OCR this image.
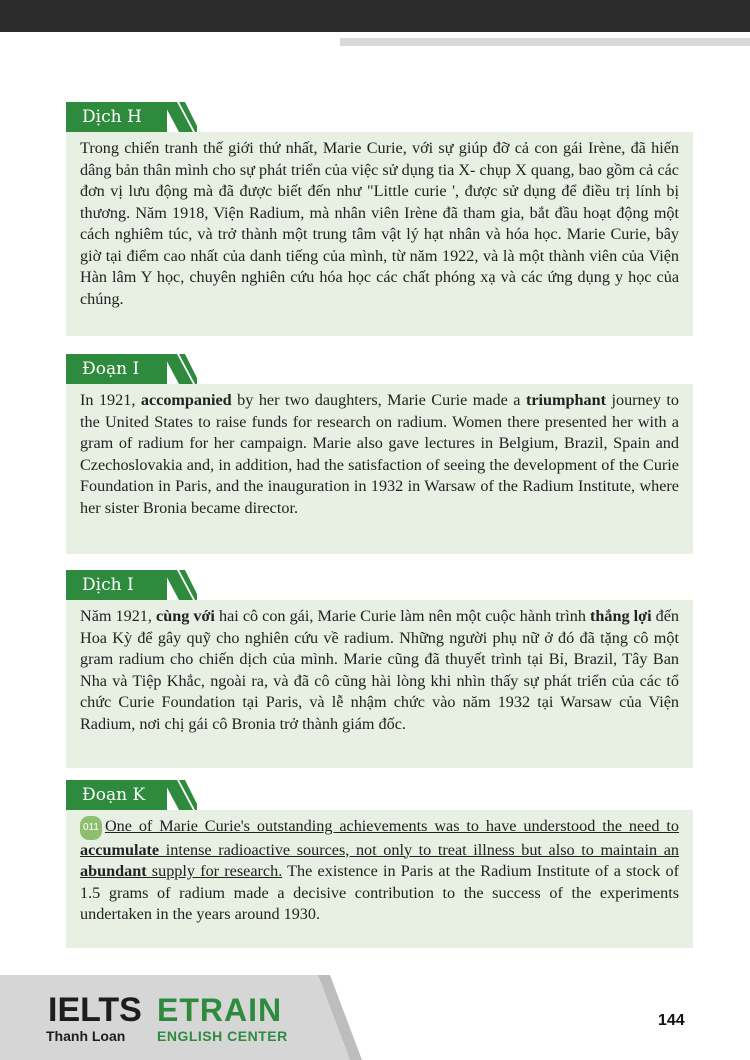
Dịch H

Trong chiến tranh thế giới thứ nhất, Marie Curie, với sự giúp đỡ cả con gái Irène, đã hiến dâng bản thân mình cho sự phát triển của việc sử dụng tia X- chụp X quang, bao gồm cả các đơn vị lưu động mà đã được biết đến như "Little curie ', được sử dụng để điều trị lính bị thương. Năm 1918, Viện Radium, mà nhân viên Irène đã tham gia, bắt đầu hoạt động một cách nghiêm túc, và trở thành một trung tâm vật lý hạt nhân và hóa học. Marie Curie, bây giờ tại điểm cao nhất của danh tiếng của mình, từ năm 1922, và là một thành viên của Viện Hàn lâm Y học, chuyên nghiên cứu hóa học các chất phóng xạ và các ứng dụng y học của chúng.

Đoạn I

In 1921, accompanied by her two daughters, Marie Curie made a triumphant journey to the United States to raise funds for research on radium. Women there presented her with a gram of radium for her campaign. Marie also gave lectures in Belgium, Brazil, Spain and Czechoslovakia and, in addition, had the satisfaction of seeing the development of the Curie Foundation in Paris, and the inauguration in 1932 in Warsaw of the Radium Institute, where her sister Bronia became director.

Dịch I

Năm 1921, cùng với hai cô con gái, Marie Curie làm nên một cuộc hành trình thắng lợi đến Hoa Kỳ để gây quỹ cho nghiên cứu về radium. Những người phụ nữ ở đó đã tặng cô một gram radium cho chiến dịch của mình. Marie cũng đã thuyết trình tại Bỉ, Brazil, Tây Ban Nha và Tiệp Khắc, ngoài ra, và đã cô cũng hài lòng khi nhìn thấy sự phát triển của các tổ chức Curie Foundation tại Paris, và lễ nhậm chức vào năm 1932 tại Warsaw của Viện Radium, nơi chị gái cô Bronia trở thành giám đốc.

Đoạn K

011 One of Marie Curie's outstanding achievements was to have understood the need to accumulate intense radioactive sources, not only to treat illness but also to maintain an abundant supply for research. The existence in Paris at the Radium Institute of a stock of 1.5 grams of radium made a decisive contribution to the success of the experiments undertaken in the years around 1930.

IELTS
Thanh Loan
ETRAIN
ENGLISH CENTER
144
